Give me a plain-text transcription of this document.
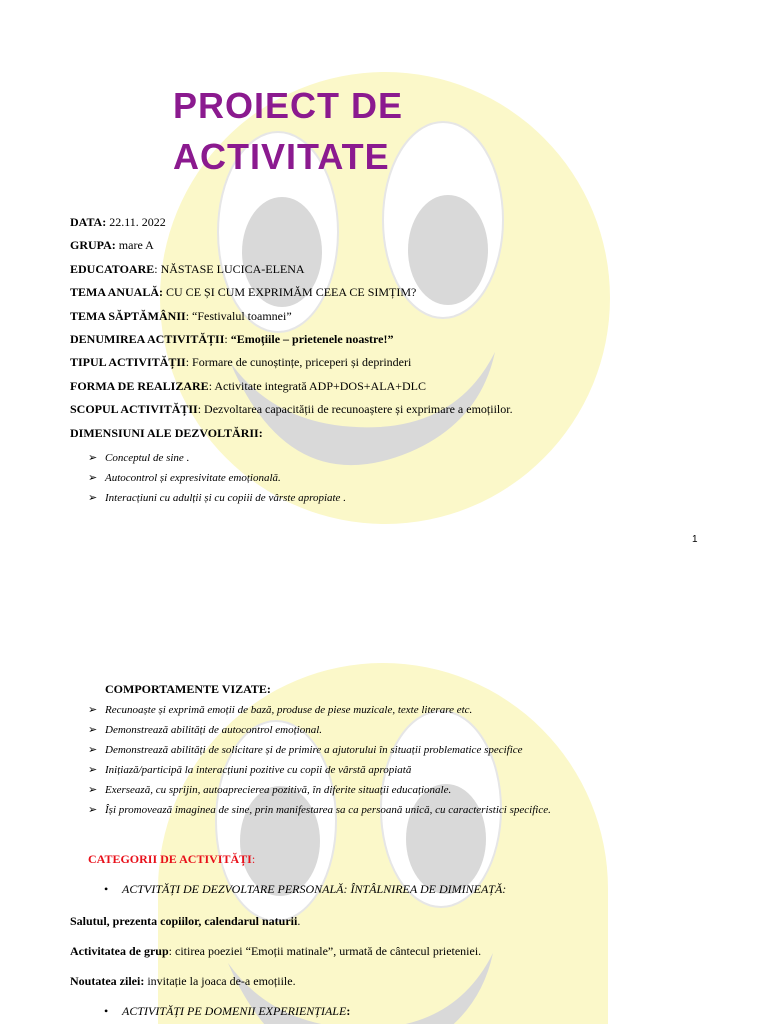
PROIECT DE
ACTIVITATE
DATA: 22.11. 2022
GRUPA: mare A
EDUCATOARE: NĂSTASE LUCICA-ELENA
TEMA ANUALĂ: CU CE ȘI CUM EXPRIMĂM CEEA CE SIMȚIM?
TEMA SĂPTĂMÂNII: “Festivalul toamnei”
DENUMIREA ACTIVITĂȚII: “Emoțiile – prietenele noastre!”
TIPUL ACTIVITĂȚII: Formare de cunoștințe, priceperi și deprinderi
FORMA DE REALIZARE: Activitate integrată ADP+DOS+ALA+DLC
SCOPUL ACTIVITĂȚII: Dezvoltarea capacității de recunoaștere și exprimare a emoțiilor.
DIMENSIUNI ALE DEZVOLTĂRII:
➢ Conceptul de sine .
➢ Autocontrol și expresivitate emoțională.
➢ Interacțiuni cu adulții și cu copiii de vârste apropiate .
1
COMPORTAMENTE VIZATE:
➢ Recunoaște și exprimă emoții de bază, produse de piese muzicale, texte literare etc.
➢ Demonstrează abilități de autocontrol emoțional.
➢ Demonstrează abilități de solicitare și de primire a ajutorului în situații problematice specifice
➢ Inițiază/participă la interacțiuni pozitive cu copii de vârstă apropiată
➢ Exersează, cu sprijin, autoaprecierea pozitivă, în diferite situații educaționale.
➢ Își promovează imaginea de sine, prin manifestarea sa ca persoană unică, cu caracteristici specifice.
CATEGORII DE ACTIVITĂȚI:
• ACTVITĂȚI DE DEZVOLTARE PERSONALĂ: ÎNTÂLNIREA DE DIMINEAȚĂ:
Salutul, prezenta copiilor, calendarul naturii.
Activitatea de grup: citirea poeziei “Emoții matinale”, urmată de cântecul prieteniei.
Noutatea zilei: invitație la joaca de-a emoțiile.
• ACTIVITĂȚI PE DOMENII EXPERIENȚIALE:
